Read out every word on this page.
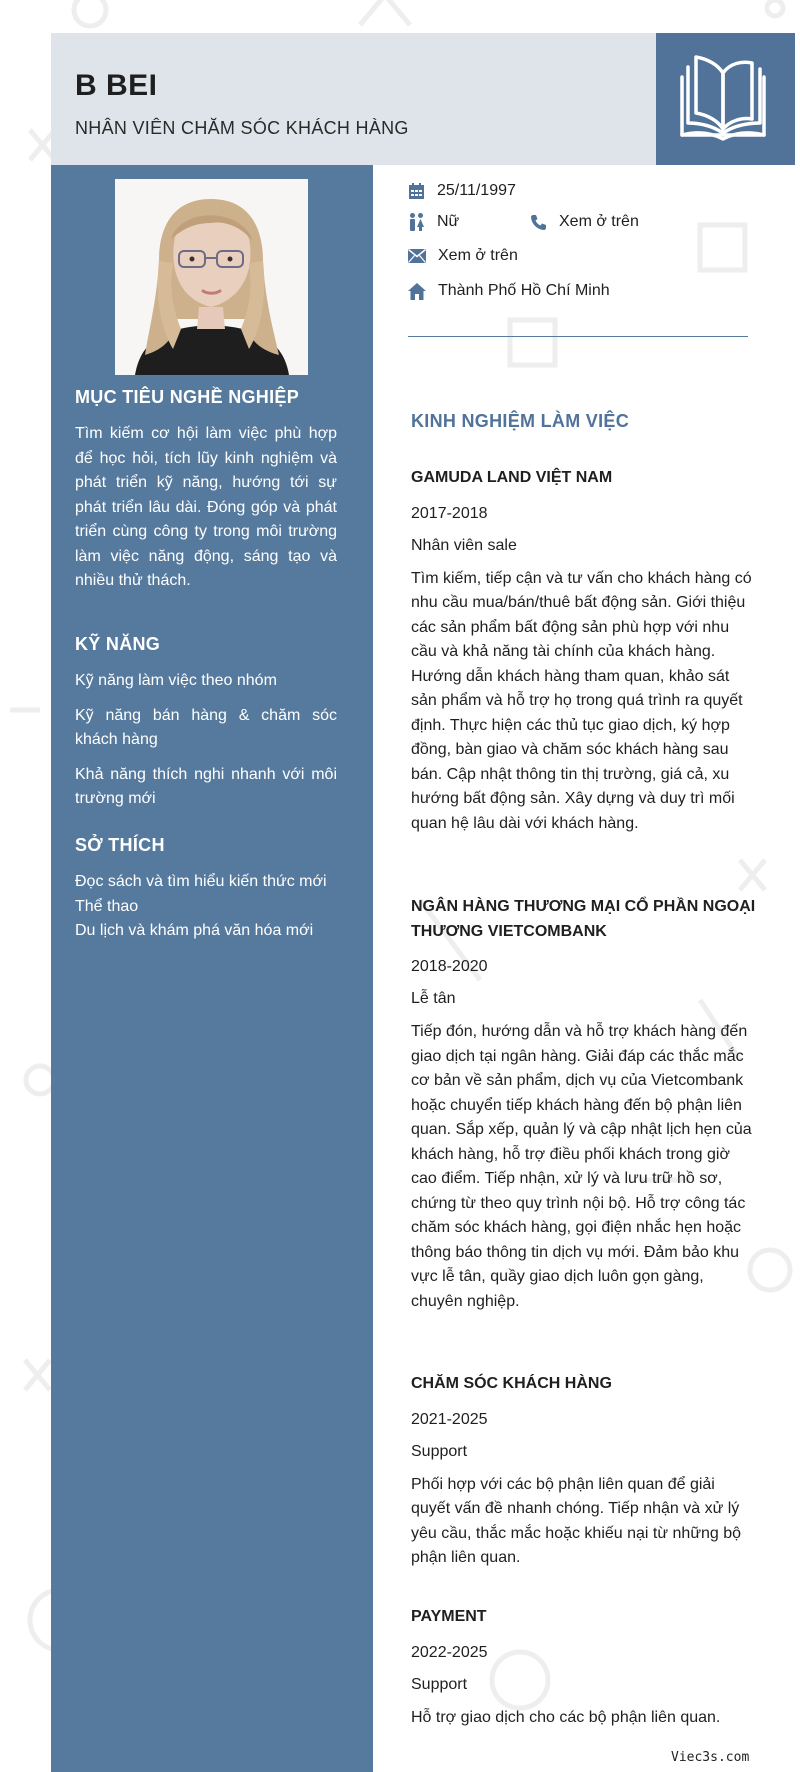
B BEI
NHÂN VIÊN CHĂM SÓC KHÁCH HÀNG
MỤC TIÊU NGHỀ NGHIỆP

Tìm kiếm cơ hội làm việc phù hợp để học hỏi, tích lũy kinh nghiệm và phát triển kỹ năng, hướng tới sự phát triển lâu dài. Đóng góp và phát triển cùng công ty trong môi trường làm việc năng động, sáng tạo và nhiều thử thách.

KỸ NĂNG

Kỹ năng làm việc theo nhóm

Kỹ năng bán hàng & chăm sóc khách hàng

Khả năng thích nghi nhanh với môi trường mới

SỞ THÍCH

Đọc sách và tìm hiểu kiến thức mới

Thể thao

Du lịch và khám phá văn hóa mới

25/11/1997
Nữ	Xem ở trên
Xem ở trên
Thành Phố Hồ Chí Minh
KINH NGHIỆM LÀM VIỆC

GAMUDA LAND VIỆT NAM

2017-2018

Nhân viên sale

Tìm kiếm, tiếp cận và tư vấn cho khách hàng có nhu cầu mua/bán/thuê bất động sản. Giới thiệu các sản phẩm bất động sản phù hợp với nhu cầu và khả năng tài chính của khách hàng. Hướng dẫn khách hàng tham quan, khảo sát sản phẩm và hỗ trợ họ trong quá trình ra quyết định. Thực hiện các thủ tục giao dịch, ký hợp đồng, bàn giao và chăm sóc khách hàng sau bán. Cập nhật thông tin thị trường, giá cả, xu hướng bất động sản. Xây dựng và duy trì mối quan hệ lâu dài với khách hàng.

NGÂN HÀNG THƯƠNG MẠI CỔ PHẦN NGOẠI THƯƠNG VIETCOMBANK

2018-2020

Lễ tân

Tiếp đón, hướng dẫn và hỗ trợ khách hàng đến giao dịch tại ngân hàng. Giải đáp các thắc mắc cơ bản về sản phẩm, dịch vụ của Vietcombank hoặc chuyển tiếp khách hàng đến bộ phận liên quan. Sắp xếp, quản lý và cập nhật lịch hẹn của khách hàng, hỗ trợ điều phối khách trong giờ cao điểm. Tiếp nhận, xử lý và lưu trữ hồ sơ, chứng từ theo quy trình nội bộ. Hỗ trợ công tác chăm sóc khách hàng, gọi điện nhắc hẹn hoặc thông báo thông tin dịch vụ mới. Đảm bảo khu vực lễ tân, quầy giao dịch luôn gọn gàng, chuyên nghiệp.

CHĂM SÓC KHÁCH HÀNG

2021-2025

Support

Phối hợp với các bộ phận liên quan để giải quyết vấn đề nhanh chóng. Tiếp nhận và xử lý yêu cầu, thắc mắc hoặc khiếu nại từ những bộ phận liên quan.

PAYMENT

2022-2025

Support

Hỗ trợ giao dịch cho các bộ phận liên quan.

Viec3s.com
